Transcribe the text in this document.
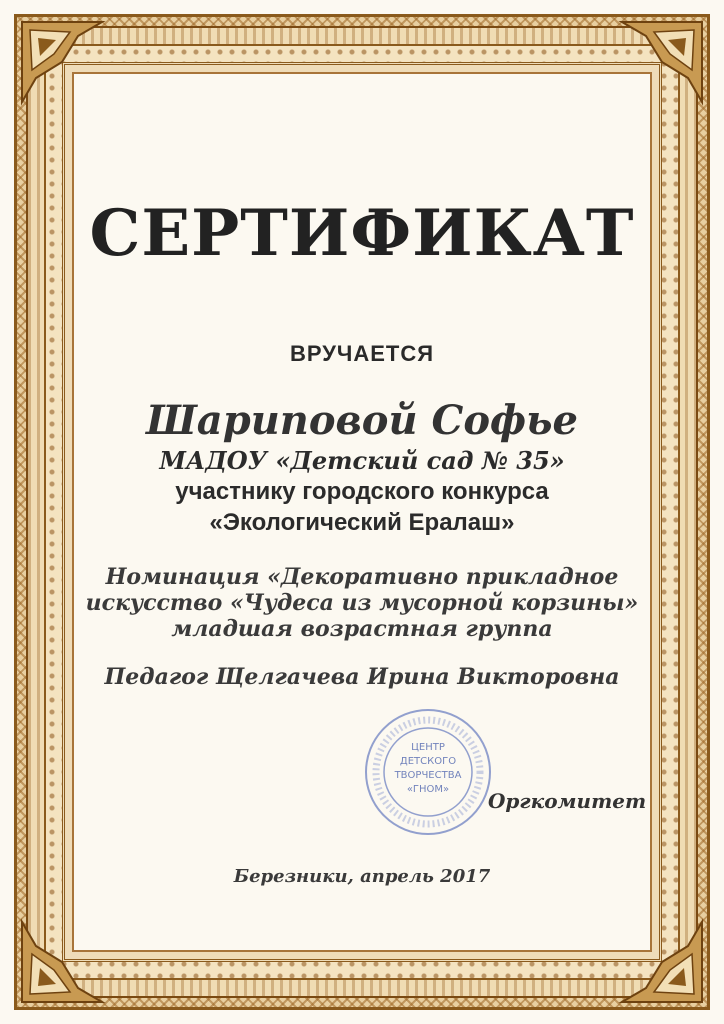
СЕРТИФИКАТ
ВРУЧАЕТСЯ
Шариповой Софье
МАДОУ «Детский сад № 35»
участнику городского конкурса
«Экологический Ералаш»
Номинация «Декоративно прикладное
искусство «Чудеса из мусорной корзины»
младшая возрастная группа
Педагог Щелгачева Ирина Викторовна
ЦЕНТР
ДЕТСКОГО
ТВОРЧЕСТВА
«ГНОМ» Оргкомитет
Березники, апрель 2017
